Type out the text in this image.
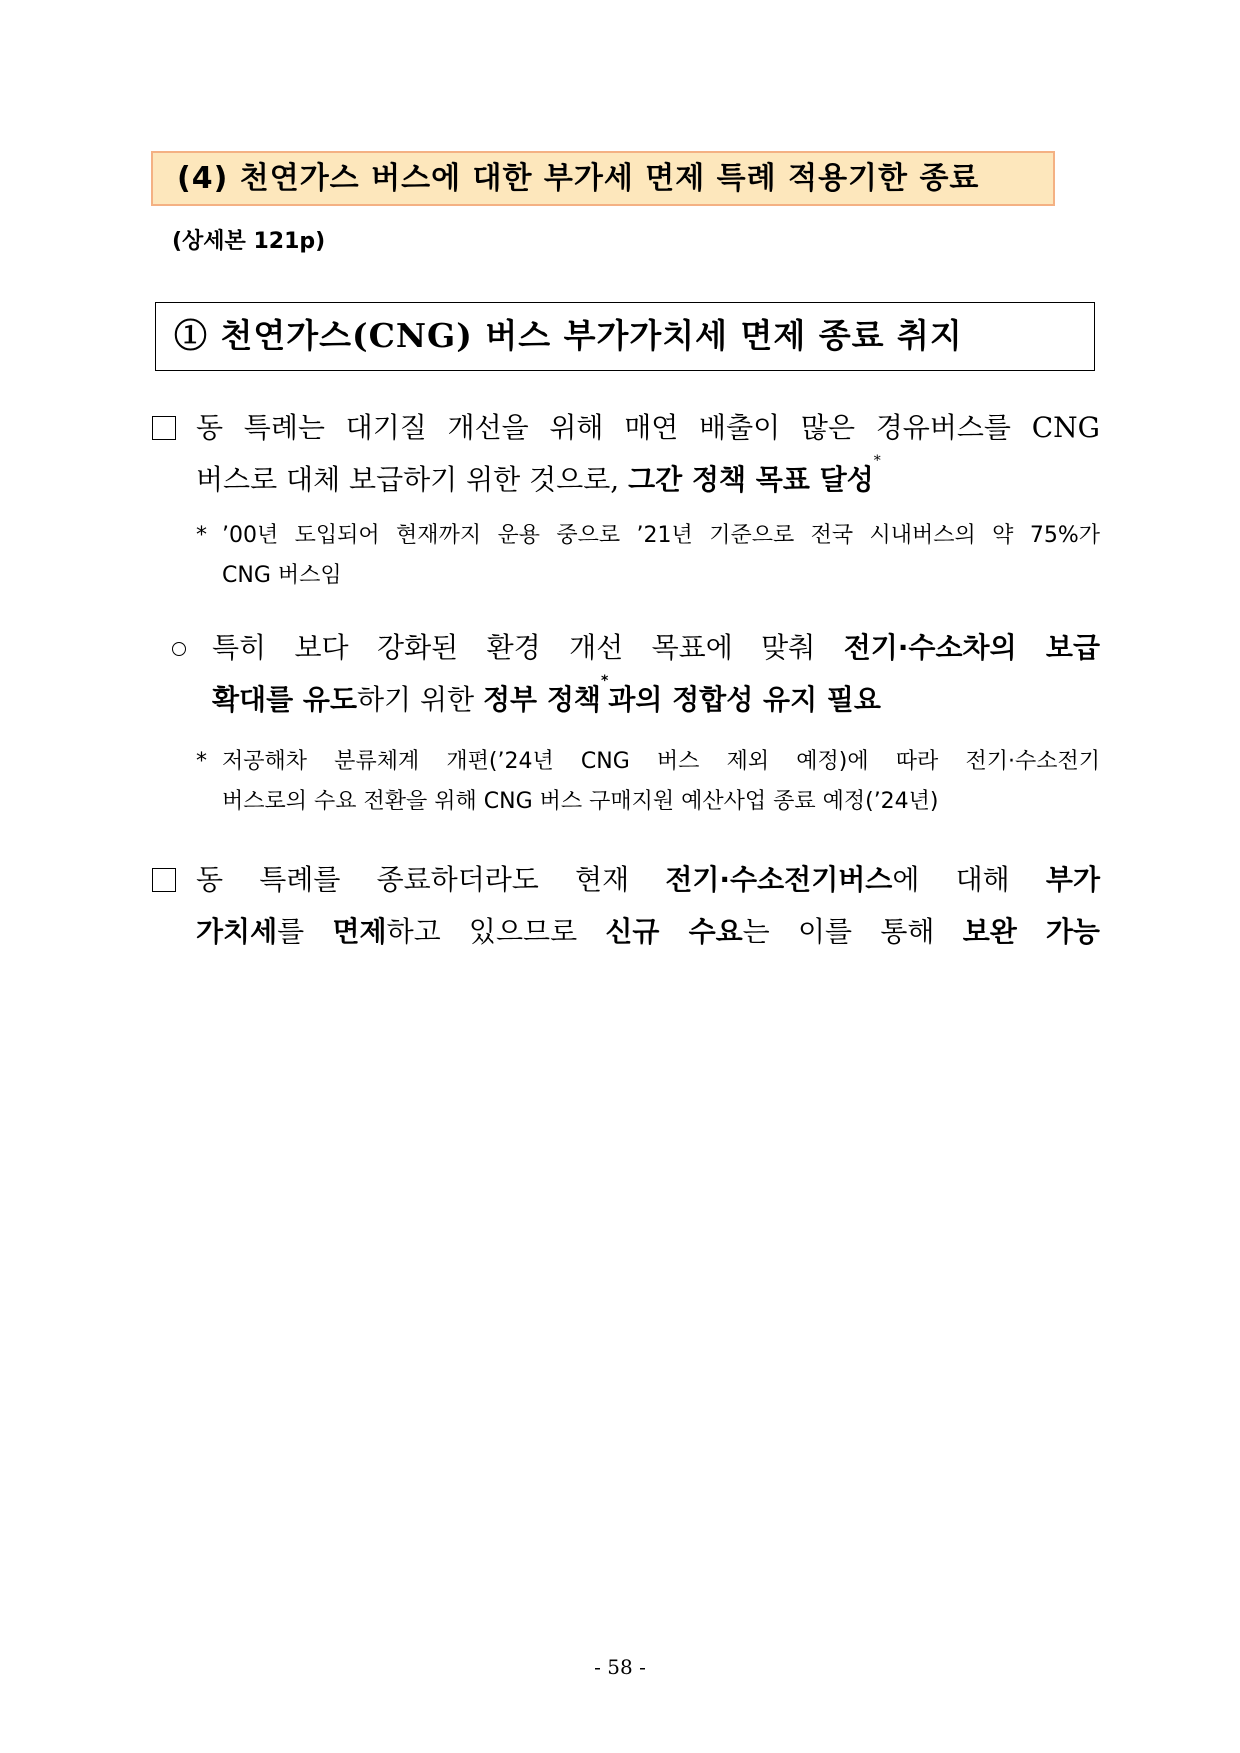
(4) 천연가스 버스에 대한 부가세 면제 특례 적용기한 종료
(상세본 121p)
① 천연가스(CNG) 버스 부가가치세 면제 종료 취지
동 특례는 대기질 개선을 위해 매연 배출이 많은 경유버스를 CNG
버스로 대체 보급하기 위한 것으로, 그간 정책 목표 달성*
* ’00년 도입되어 현재까지 운용 중으로 ’21년 기준으로 전국 시내버스의 약 75%가
CNG 버스임
특히 보다 강화된 환경 개선 목표에 맞춰 전기·수소차의 보급
확대를 유도하기 위한 정부 정책*과의 정합성 유지 필요
* 저공해차 분류체계 개편(’24년 CNG 버스 제외 예정)에 따라 전기·수소전기
버스로의 수요 전환을 위해 CNG 버스 구매지원 예산사업 종료 예정(’24년)
동 특례를 종료하더라도 현재 전기·수소전기버스에 대해 부가
가치세를 면제하고 있으므로 신규 수요는 이를 통해 보완 가능
- 58 -
